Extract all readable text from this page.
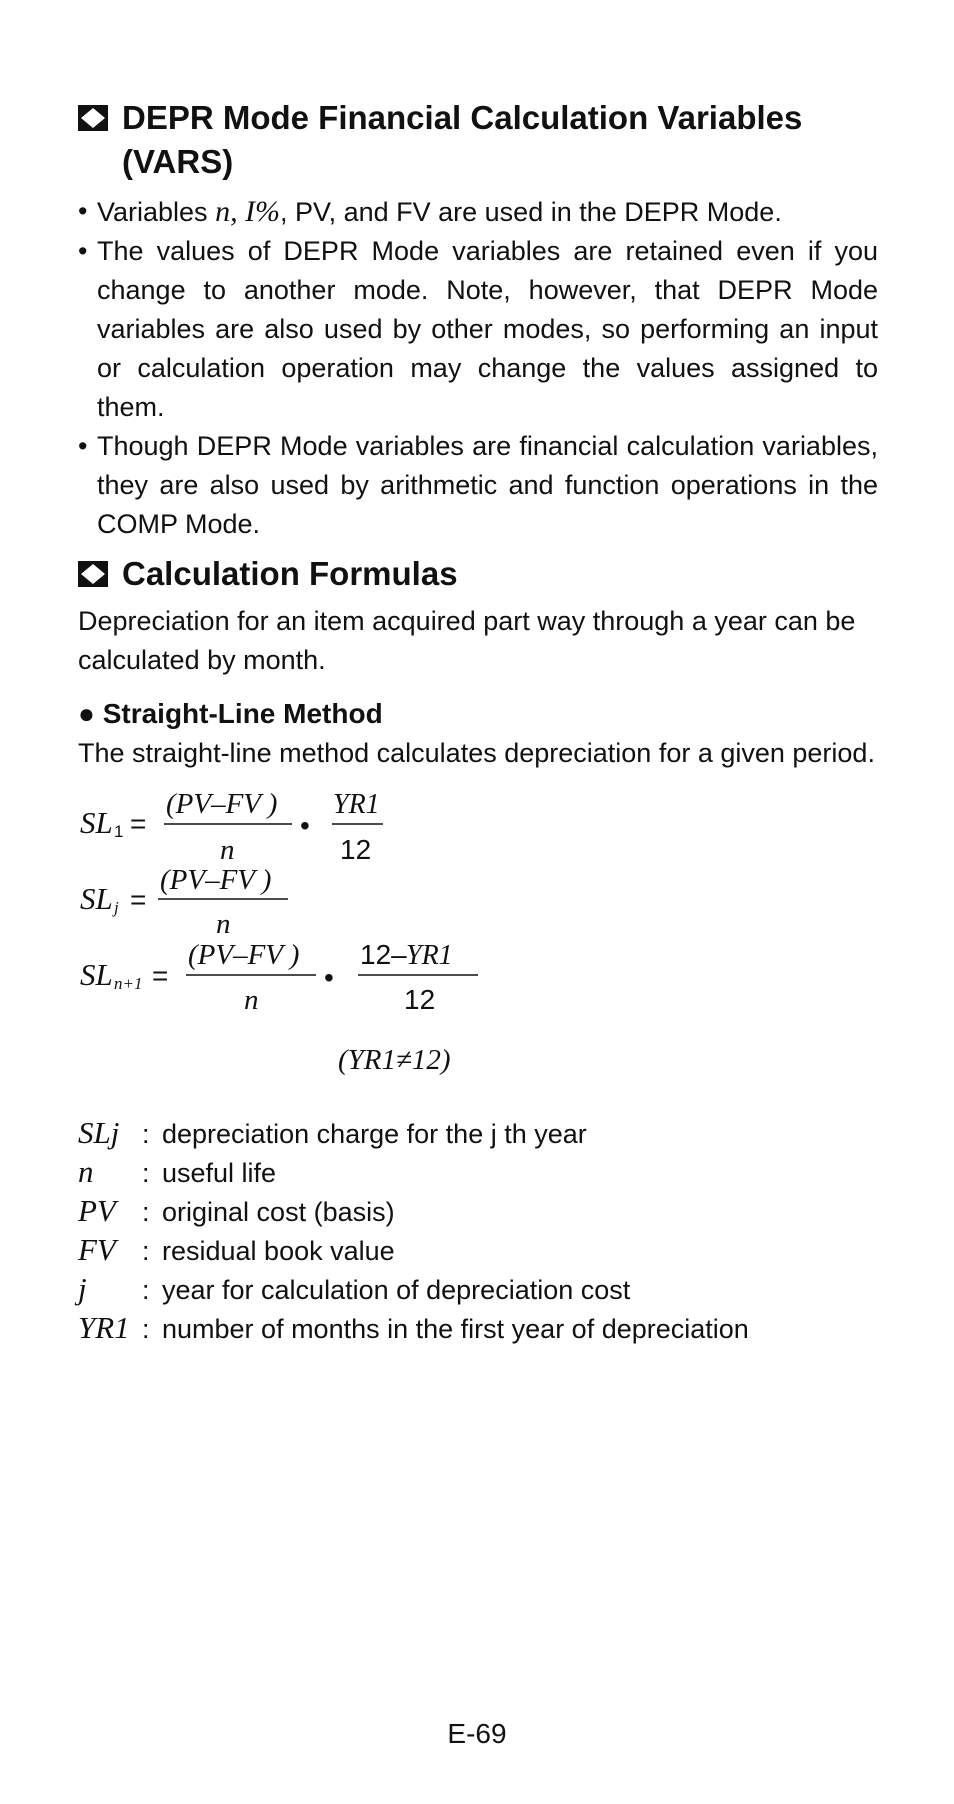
DEPR Mode Financial Calculation Variables (VARS)
• Variables n, I%, PV, and FV are used in the DEPR Mode.
• The values of DEPR Mode variables are retained even if you change to another mode. Note, however, that DEPR Mode variables are also used by other modes, so performing an input or calculation operation may change the values assigned to them.
• Though DEPR Mode variables are financial calculation variables, they are also used by arithmetic and function operations in the COMP Mode.
Calculation Formulas

Depreciation for an item acquired part way through a year can be calculated by month.

● Straight-Line Method

The straight-line method calculates depreciation for a given period.

SL 1 =
(PV–FV )
n
•
YR1
12
SL j =
(PV–FV )
n
SL n+1 =
(PV–FV )
n
•
12– YR1
12
(YR1≠12)
SLj : depreciation charge for the j th year
n	: useful life
PV : original cost (basis)
FV : residual book value
j	: year for calculation of depreciation cost
YR1 : number of months in the first year of depreciation
E-69
